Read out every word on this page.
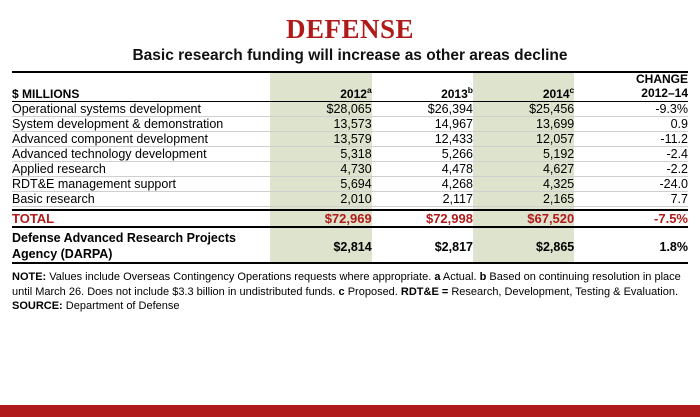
DEFENSE
Basic research funding will increase as other areas decline
$ MILLIONS	2012$^a$	2013$^b$	2014$^c$	CHANGE
2012–14

Operational systems development	$28,065	$26,394	$25,456	-9.3%
System development & demonstration	13,573	14,967	13,699	0.9
Advanced component development	13,579	12,433	12,057	-11.2
Advanced technology development	5,318	5,266	5,192	-2.4
Applied research	4,730	4,478	4,627	-2.2
RDT&E management support	5,694	4,268	4,325	-24.0
Basic research	2,010	2,117	2,165	7.7

TOTAL	$72,969	$72,998	$67,520	-7.5%

Defense Advanced Research Projects Agency (DARPA)	$2,814	$2,817	$2,865	1.8%
NOTE: Values include Overseas Contingency Operations requests where appropriate. a Actual. b Based on continuing resolution in place until March 26. Does not include $3.3 billion in undistributed funds. c Proposed. RDT&E = Research, Development, Testing & Evaluation. SOURCE: Department of Defense
